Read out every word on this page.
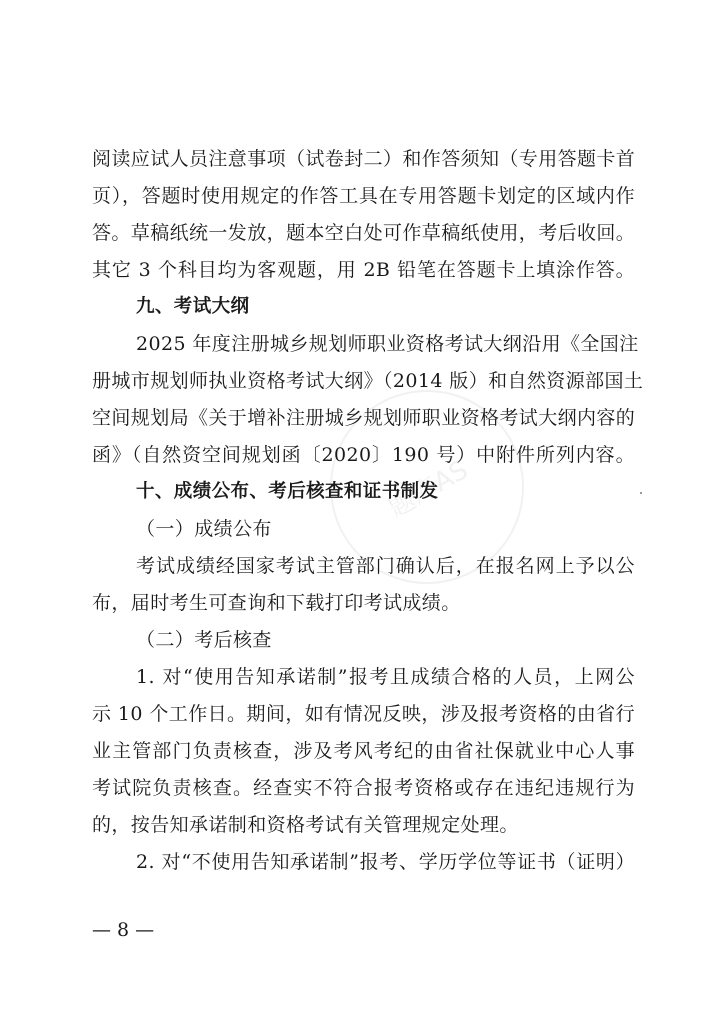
题库AS
阅读应试人员注意事项（试卷封二）和作答须知（专用答题卡首
页），答题时使用规定的作答工具在专用答题卡划定的区域内作
答。草稿纸统一发放，题本空白处可作草稿纸使用，考后收回。
其它 3 个科目均为客观题，用 2B 铅笔在答题卡上填涂作答。
九、考试大纲
2025 年度注册城乡规划师职业资格考试大纲沿用《全国注
册城市规划师执业资格考试大纲》（2014 版）和自然资源部国土
空间规划局《关于增补注册城乡规划师职业资格考试大纲内容的
函》（自然资空间规划函〔2020〕190 号）中附件所列内容。
十、成绩公布、考后核查和证书制发
（一）成绩公布
考试成绩经国家考试主管部门确认后，在报名网上予以公
布，届时考生可查询和下载打印考试成绩。
（二）考后核查
1. 对“使用告知承诺制”报考且成绩合格的人员，上网公
示 10 个工作日。期间，如有情况反映，涉及报考资格的由省行
业主管部门负责核查，涉及考风考纪的由省社保就业中心人事
考试院负责核查。经查实不符合报考资格或存在违纪违规行为
的，按告知承诺制和资格考试有关管理规定处理。
2. 对“不使用告知承诺制”报考、学历学位等证书（证明）
— 8 —
